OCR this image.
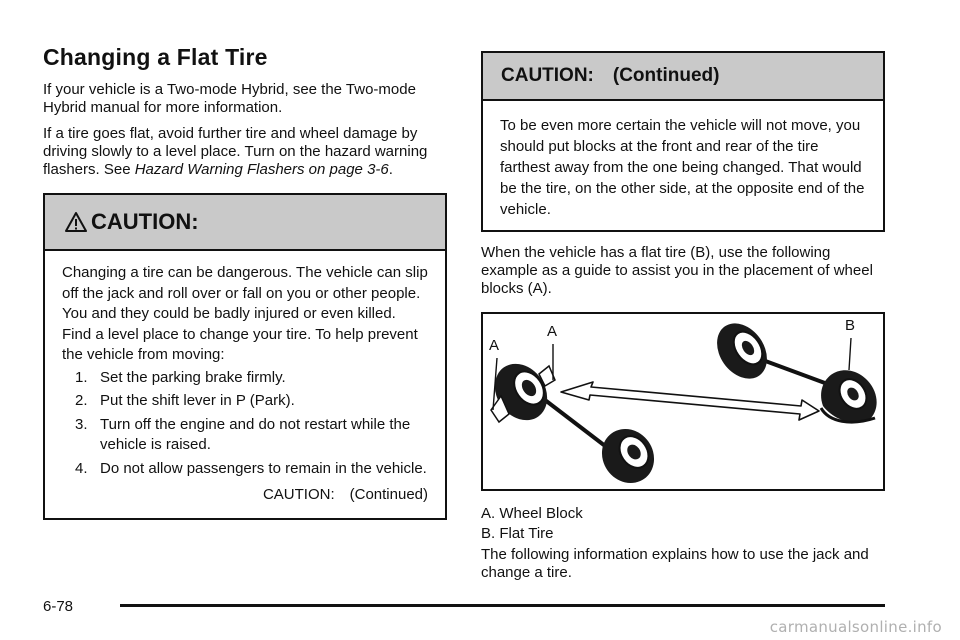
Changing a Flat Tire

If your vehicle is a Two-mode Hybrid, see the Two-mode Hybrid manual for more information.

If a tire goes flat, avoid further tire and wheel damage by driving slowly to a level place. Turn on the hazard warning flashers. See Hazard Warning Flashers on page 3-6.

CAUTION:
Changing a tire can be dangerous. The vehicle can slip off the jack and roll over or fall on you or other people. You and they could be badly injured or even killed. Find a level place to change your tire. To help prevent the vehicle from moving:
1. Set the parking brake firmly.
2. Put the shift lever in P (Park).
3. Turn off the engine and do not restart while the vehicle is raised.
4. Do not allow passengers to remain in the vehicle.
CAUTION: (Continued)
CAUTION: (Continued)
To be even more certain the vehicle will not move, you should put blocks at the front and rear of the tire farthest away from the one being changed. That would be the tire, on the other side, at the opposite end of the vehicle.

When the vehicle has a flat tire (B), use the following example as a guide to assist you in the placement of wheel blocks (A).

A
A	B
A. Wheel Block
B. Flat Tire

The following information explains how to use the jack and change a tire.

6-78
carmanualsonline.info
